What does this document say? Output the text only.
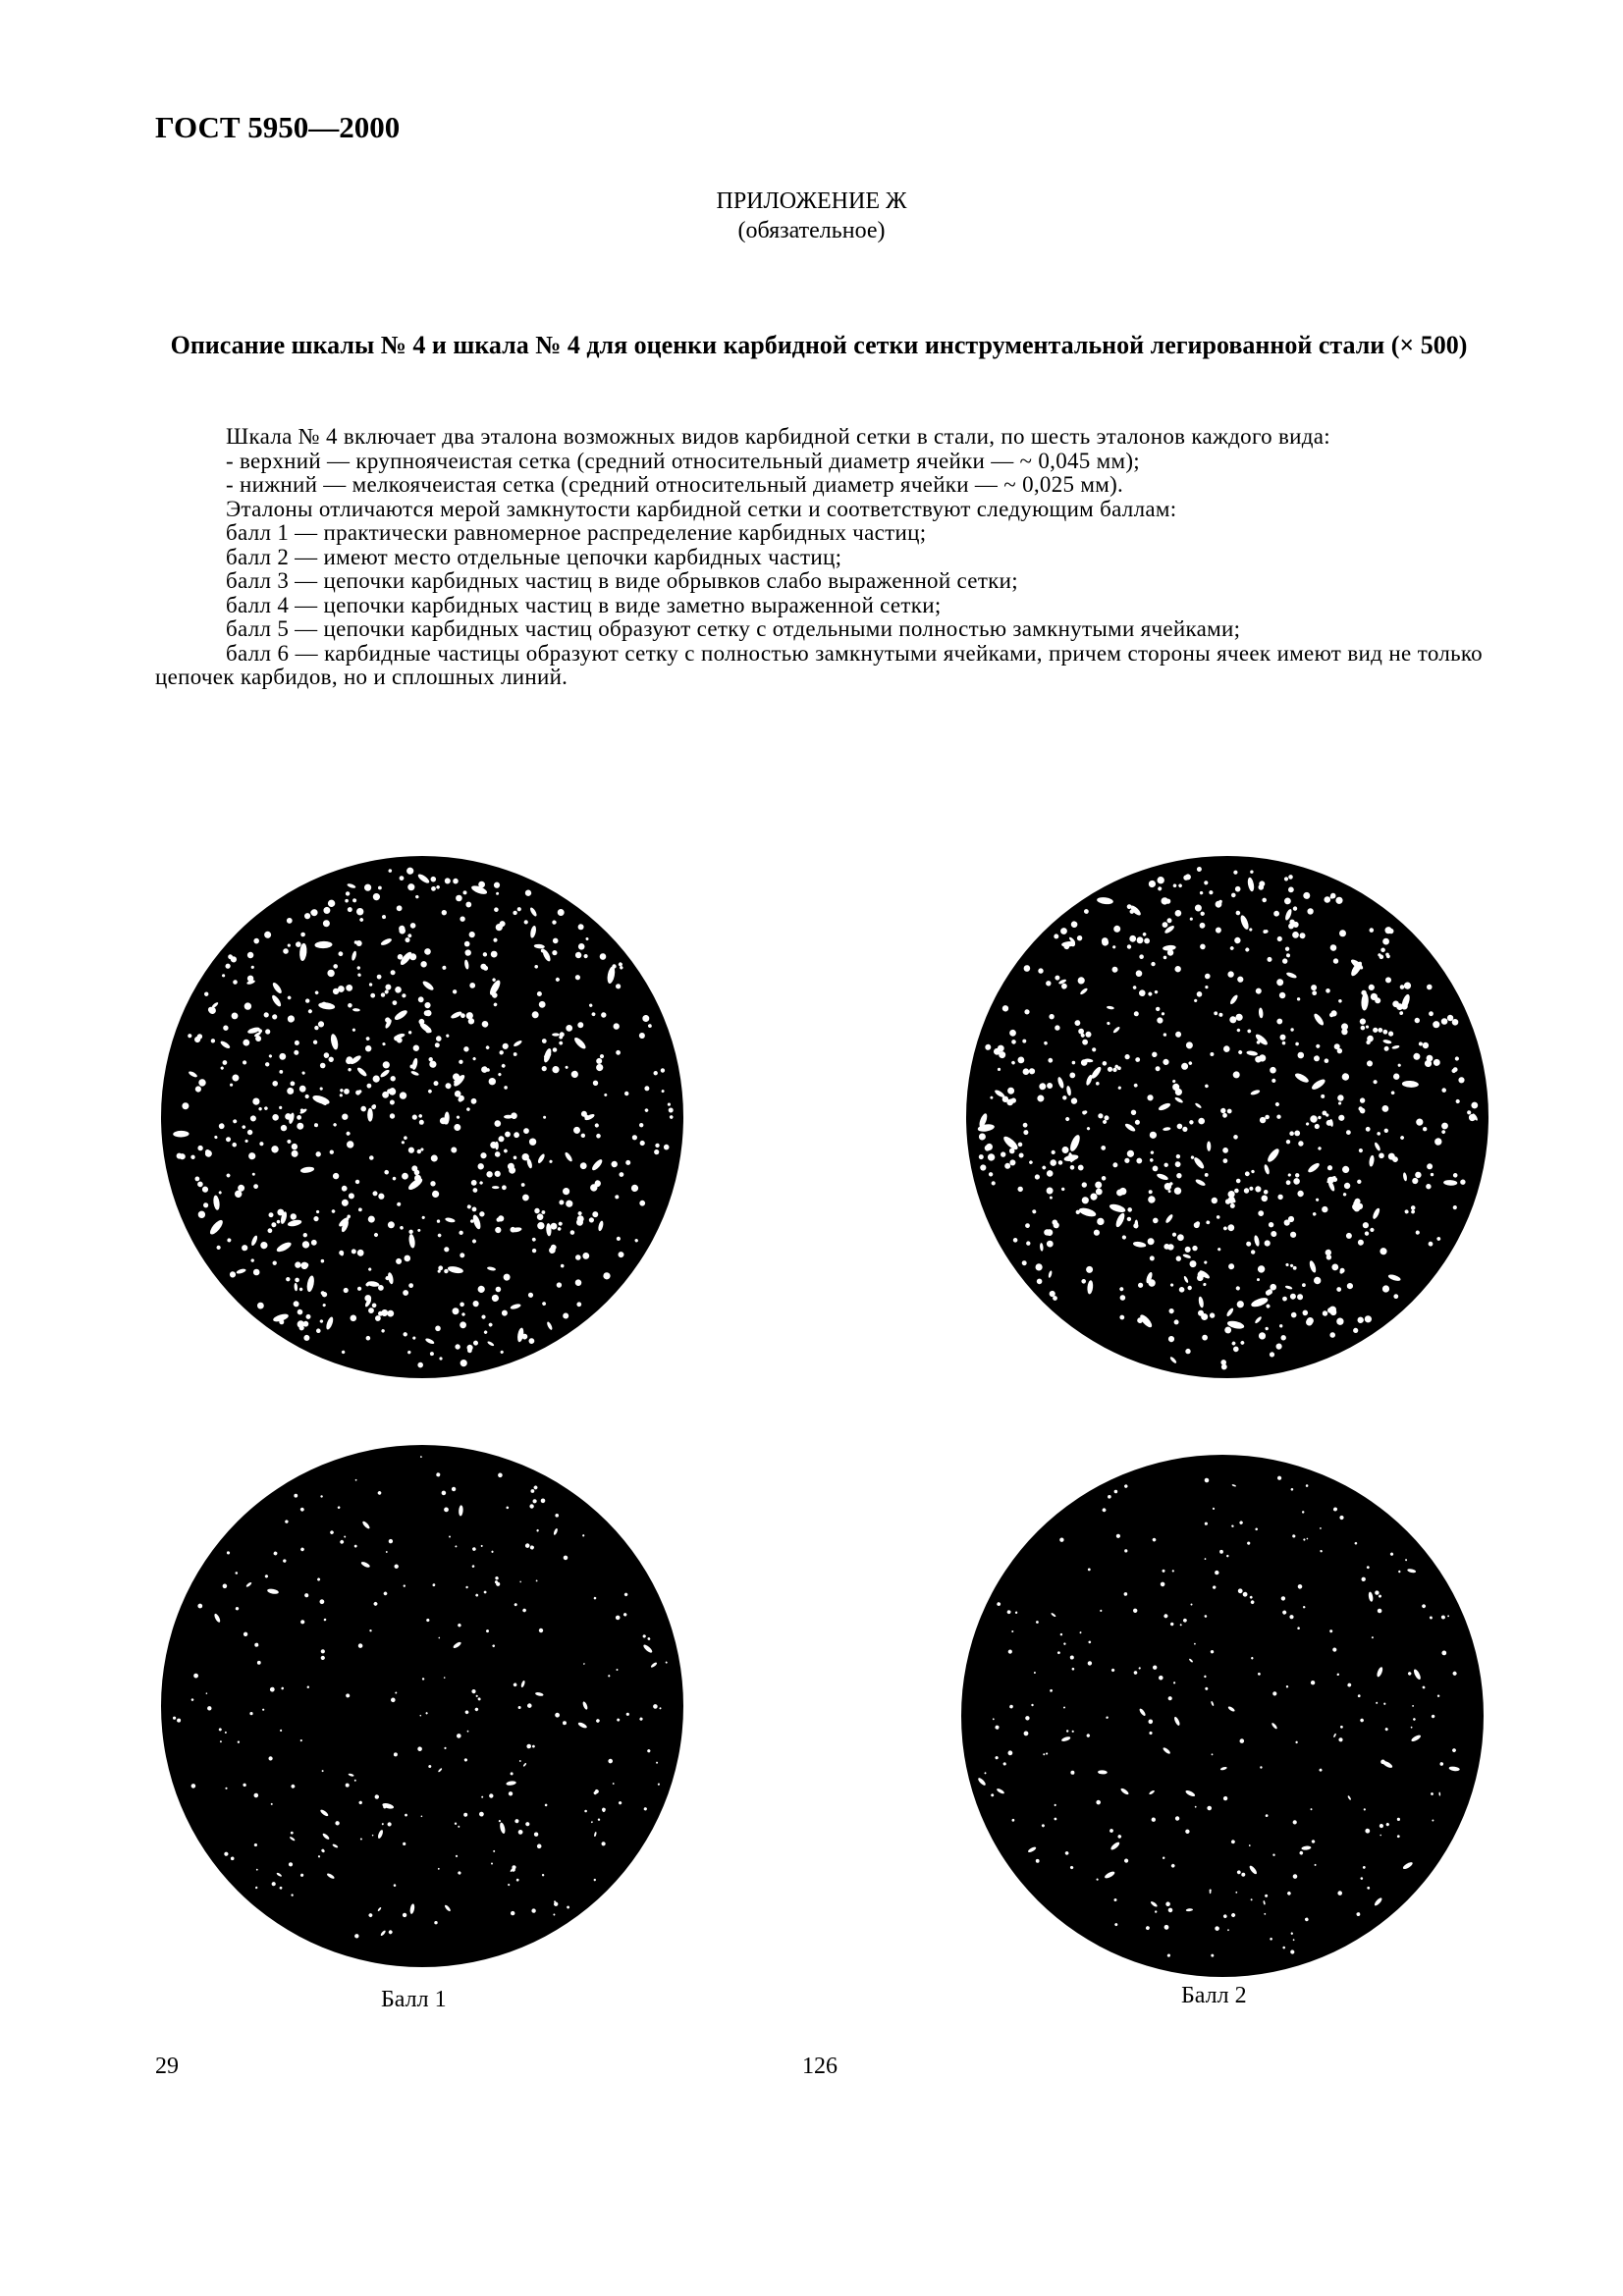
ГОСТ 5950—2000
ПРИЛОЖЕНИЕ Ж
(обязательное)
Описание шкалы № 4 и шкала № 4 для оценки карбидной сетки инструментальной легированной стали (× 500)

Шкала № 4 включает два эталона возможных видов карбидной сетки в стали, по шесть эталонов каждого вида:

- верхний — крупноячеистая сетка (средний относительный диаметр ячейки — ~ 0,045 мм);

- нижний — мелкоячеистая сетка (средний относительный диаметр ячейки — ~ 0,025 мм).

Эталоны отличаются мерой замкнутости карбидной сетки и соответствуют следующим баллам:

балл 1 — практически равномерное распределение карбидных частиц;

балл 2 — имеют место отдельные цепочки карбидных частиц;

балл 3 — цепочки карбидных частиц в виде обрывков слабо выраженной сетки;

балл 4 — цепочки карбидных частиц в виде заметно выраженной сетки;

балл 5 — цепочки карбидных частиц образуют сетку с отдельными полностью замкнутыми ячейками;

балл 6 — карбидные частицы образуют сетку с полностью замкнутыми ячейками, причем стороны ячеек имеют вид не только цепочек карбидов, но и сплошных линий.

Балл 1	Балл 2
29	126
